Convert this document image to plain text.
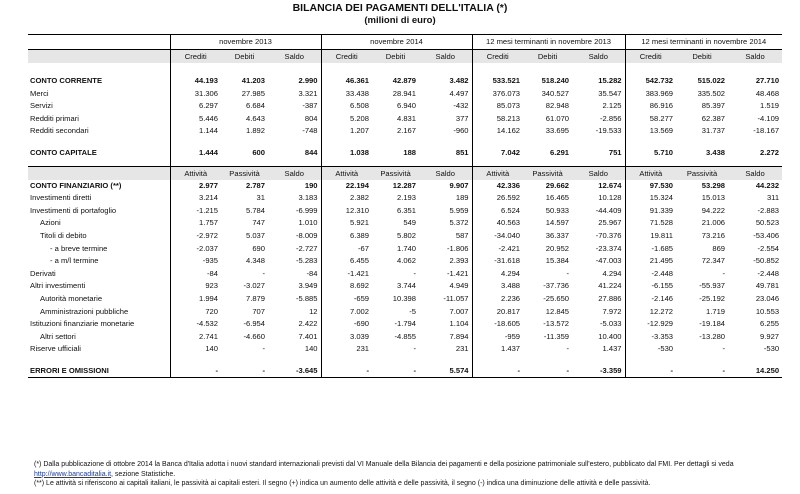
BILANCIA DEI PAGAMENTI DELL'ITALIA (*)
(milioni di euro)
	novembre 2013			novembre 2014			12 mesi terminanti in novembre 2013			12 mesi terminanti in novembre 2014		
	Crediti	Debiti	Saldo	Crediti	Debiti	Saldo	Crediti	Debiti	Saldo	Crediti	Debiti	Saldo

CONTO CORRENTE	44.193	41.203	2.990	46.361	42.879	3.482	533.521	518.240	15.282	542.732	515.022	27.710
Merci	31.306	27.985	3.321	33.438	28.941	4.497	376.073	340.527	35.547	383.969	335.502	48.468
Servizi	6.297	6.684	-387	6.508	6.940	-432	85.073	82.948	2.125	86.916	85.397	1.519
Redditi primari	5.446	4.643	804	5.208	4.831	377	58.213	61.070	-2.856	58.277	62.387	-4.109
Redditi secondari	1.144	1.892	-748	1.207	2.167	-960	14.162	33.695	-19.533	13.569	31.737	-18.167

CONTO CAPITALE	1.444	600	844	1.038	188	851	7.042	6.291	751	5.710	3.438	2.272

	Attività	Passività	Saldo	Attività	Passività	Saldo	Attività	Passività	Saldo	Attività	Passività	Saldo
CONTO FINANZIARIO (**)	2.977	2.787	190	22.194	12.287	9.907	42.336	29.662	12.674	97.530	53.298	44.232
Investimenti diretti	3.214	31	3.183	2.382	2.193	189	26.592	16.465	10.128	15.324	15.013	311
Investimenti di portafoglio	-1.215	5.784	-6.999	12.310	6.351	5.959	6.524	50.933	-44.409	91.339	94.222	-2.883
Azioni	1.757	747	1.010	5.921	549	5.372	40.563	14.597	25.967	71.528	21.006	50.523
Titoli di debito	-2.972	5.037	-8.009	6.389	5.802	587	-34.040	36.337	-70.376	19.811	73.216	-53.406
- a breve termine	-2.037	690	-2.727	-67	1.740	-1.806	-2.421	20.952	-23.374	-1.685	869	-2.554
- a m/l termine	-935	4.348	-5.283	6.455	4.062	2.393	-31.618	15.384	-47.003	21.495	72.347	-50.852
Derivati	-84	-	-84	-1.421	-	-1.421	4.294	-	4.294	-2.448	-	-2.448
Altri investimenti	923	-3.027	3.949	8.692	3.744	4.949	3.488	-37.736	41.224	-6.155	-55.937	49.781
Autorità monetarie	1.994	7.879	-5.885	-659	10.398	-11.057	2.236	-25.650	27.886	-2.146	-25.192	23.046
Amministrazioni pubbliche	720	707	12	7.002	-5	7.007	20.817	12.845	7.972	12.272	1.719	10.553
Istituzioni finanziarie monetarie	-4.532	-6.954	2.422	-690	-1.794	1.104	-18.605	-13.572	-5.033	-12.929	-19.184	6.255
Altri settori	2.741	-4.660	7.401	3.039	-4.855	7.894	-959	-11.359	10.400	-3.353	-13.280	9.927
Riserve ufficiali	140	-	140	231	-	231	1.437	-	1.437	-530	-	-530

ERRORI E OMISSIONI	-	-	-3.645	-	-	5.574	-	-	-3.359	-	-	14.250
(*) Dalla pubblicazione di ottobre 2014 la Banca d'Italia adotta i nuovi standard internazionali previsti dal VI Manuale della Bilancia dei pagamenti e della posizione patrimoniale sull'estero, pubblicato dal FMI. Per dettagli si veda http://www.bancaditalia.it, sezione Statistiche.
(**) Le attività si riferiscono ai capitali italiani, le passività ai capitali esteri. Il segno (+) indica un aumento delle attività e delle passività, il segno (-) indica una diminuzione delle attività e delle passività.
